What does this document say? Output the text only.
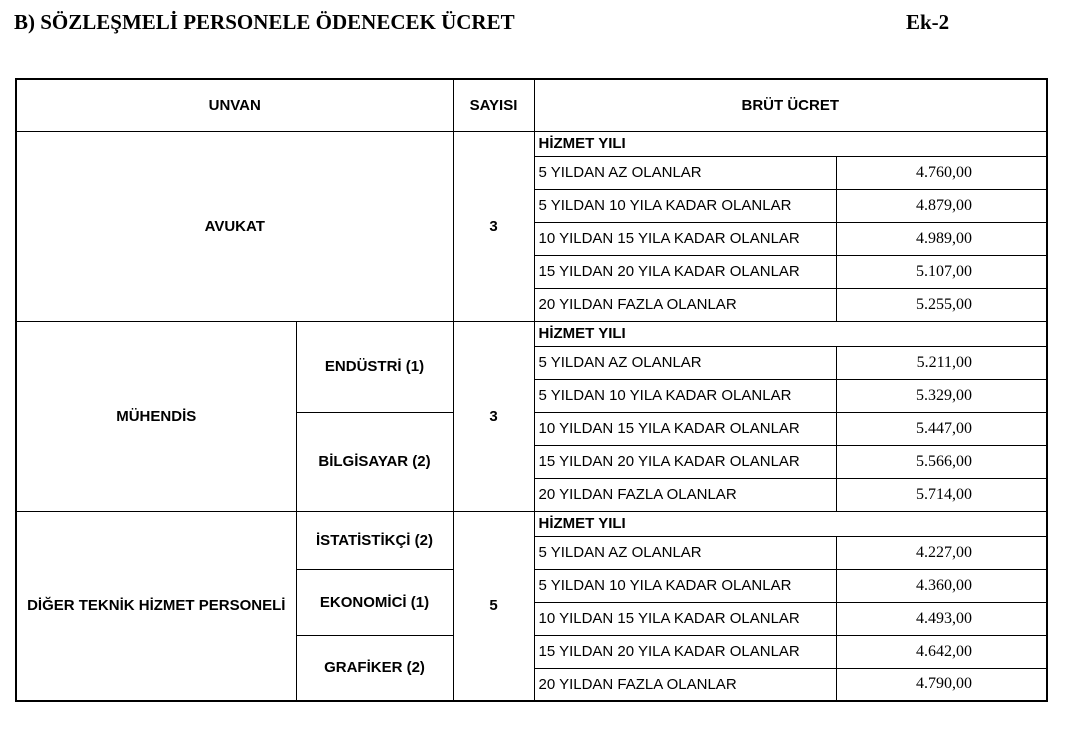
B) SÖZLEŞMELİ PERSONELE ÖDENECEK ÜCRET	Ek-2
UNVAN		SAYISI	BRÜT ÜCRET	
AVUKAT		3	HİZMET YILI	
			5 YILDAN AZ OLANLAR	4.760,00
			5 YILDAN 10 YILA KADAR OLANLAR	4.879,00
			10 YILDAN 15 YILA KADAR OLANLAR	4.989,00
			15 YILDAN 20 YILA KADAR OLANLAR	5.107,00
			20 YILDAN FAZLA OLANLAR	5.255,00
MÜHENDİS	ENDÜSTRİ (1)	3	HİZMET YILI	
			5 YILDAN AZ OLANLAR	5.211,00
			5 YILDAN 10 YILA KADAR OLANLAR	5.329,00
	BİLGİSAYAR (2)		10 YILDAN 15 YILA KADAR OLANLAR	5.447,00
			15 YILDAN 20 YILA KADAR OLANLAR	5.566,00
			20 YILDAN FAZLA OLANLAR	5.714,00
DİĞER TEKNİK HİZMET PERSONELİ	İSTATİSTİKÇİ (2)	5	HİZMET YILI	
			5 YILDAN AZ OLANLAR	4.227,00
	EKONOMİCİ (1)		5 YILDAN 10 YILA KADAR OLANLAR	4.360,00
			10 YILDAN 15 YILA KADAR OLANLAR	4.493,00
	GRAFİKER (2)		15 YILDAN 20 YILA KADAR OLANLAR	4.642,00
			20 YILDAN FAZLA OLANLAR	4.790,00
